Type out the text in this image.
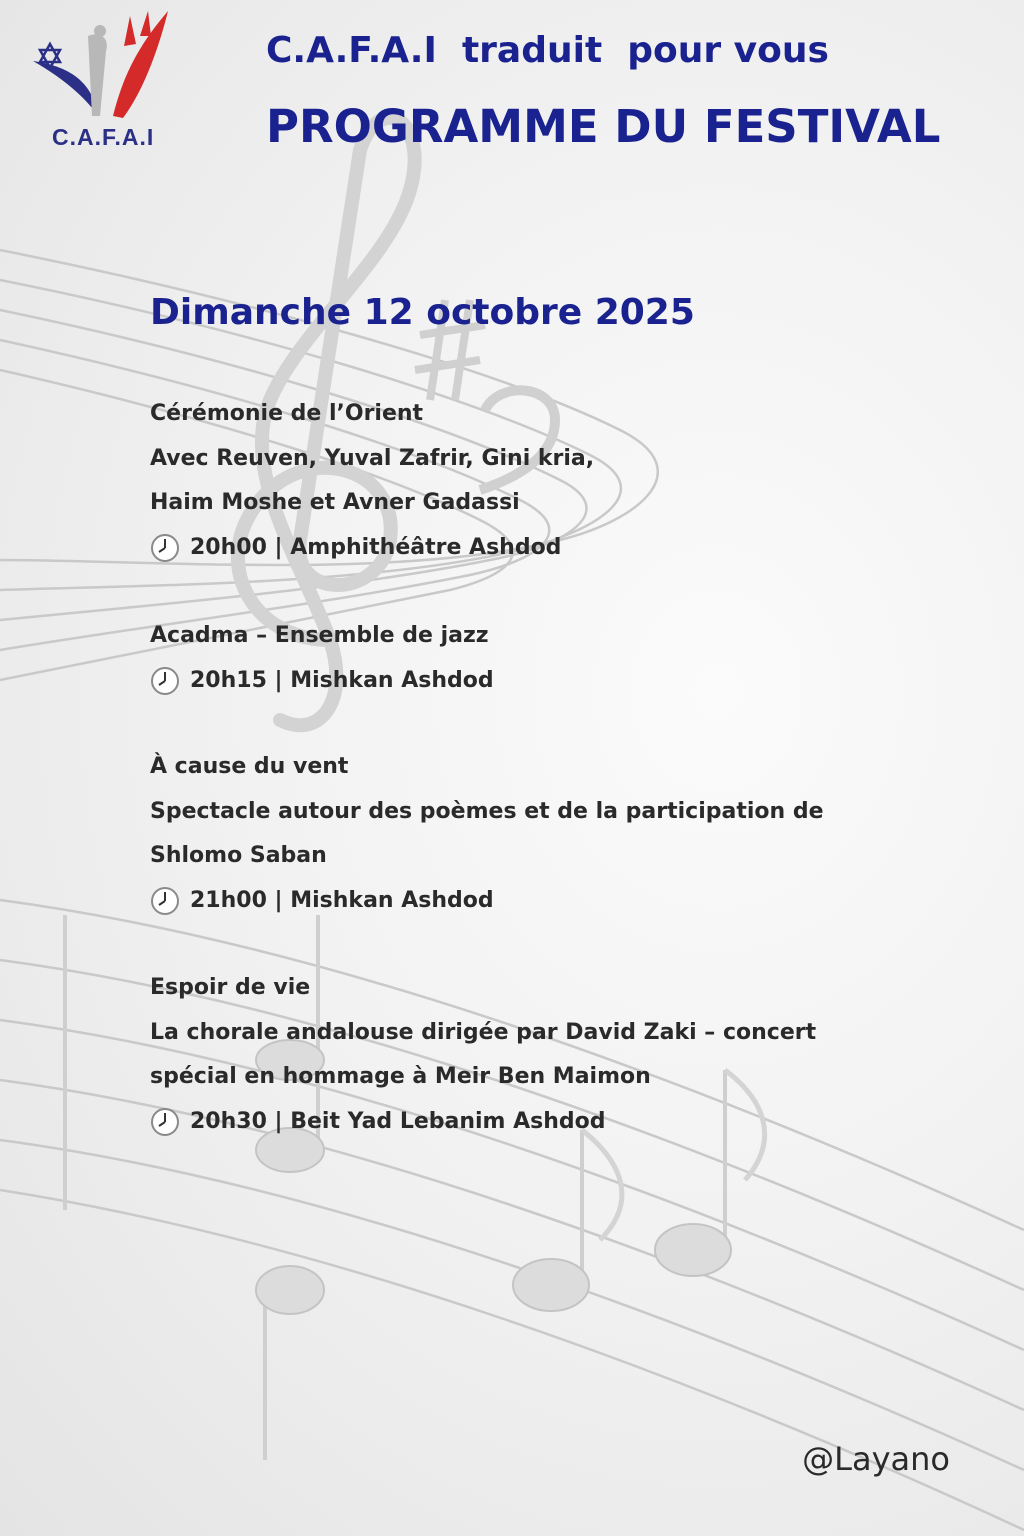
C.A.F.A.I
C.A.F.A.I  traduit  pour vous
PROGRAMME DU FESTIVAL
Dimanche 12 octobre 2025
Cérémonie de l’Orient
Avec Reuven, Yuval Zafrir, Gini kria,
Haim Moshe et Avner Gadassi
20h00 | Amphithéâtre Ashdod
Acadma – Ensemble de jazz
20h15 | Mishkan Ashdod
À cause du vent
Spectacle autour des poèmes et de la participation de
Shlomo Saban
21h00 | Mishkan Ashdod
Espoir de vie
La chorale andalouse dirigée par David Zaki – concert
spécial en hommage à Meir Ben Maimon
20h30 | Beit Yad Lebanim Ashdod
@Layano
